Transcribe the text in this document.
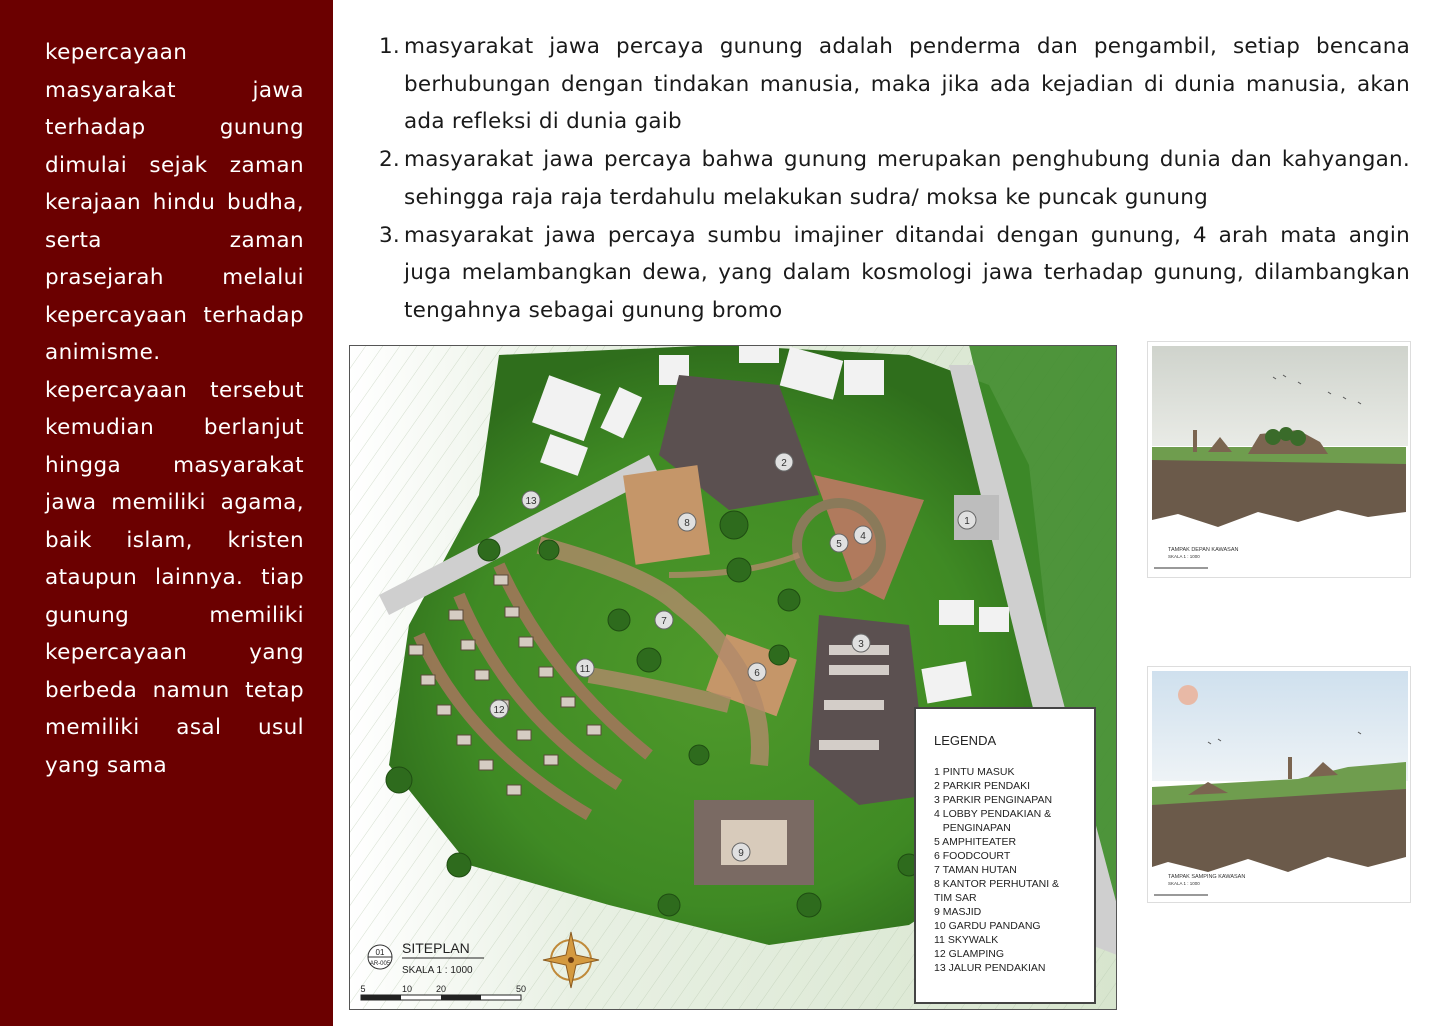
kepercayaan masyarakat jawa terhadap gunung dimulai sejak zaman kerajaan hindu budha, serta zaman prasejarah melalui kepercayaan terhadap animisme. kepercayaan tersebut kemudian berlanjut hingga masyarakat jawa memiliki agama, baik islam, kristen ataupun lainnya. tiap gunung memiliki kepercayaan yang berbeda namun tetap memiliki asal usul yang sama

1. masyarakat jawa percaya gunung adalah penderma dan pengambil, setiap bencana berhubungan dengan tindakan manusia, maka jika ada kejadian di dunia manusia, akan ada refleksi di dunia gaib
2. masyarakat jawa percaya bahwa gunung merupakan penghubung dunia dan kahyangan. sehingga raja raja terdahulu melakukan sudra/ moksa ke puncak gunung
3. masyarakat jawa percaya sumbu imajiner ditandai dengan gunung, 4 arah mata angin juga melambangkan dewa, yang dalam kosmologi jawa terhadap gunung, dilambangkan tengahnya sebagai gunung bromo
1
2
3
4
5
6
7
8
9
11
12
13
LEGENDA
1 PINTU MASUK
2 PARKIR PENDAKI
3 PARKIR PENGINAPAN
4 LOBBY PENDAKIAN &
PENGINAPAN
5 AMPHITEATER
6 FOODCOURT
7 TAMAN HUTAN
8 KANTOR PERHUTANI &
TIM SAR
9 MASJID
10 GARDU PANDANG
11 SKYWALK
12 GLAMPING
13 JALUR PENDAKIAN
01
AR-005
SITEPLAN
SKALA 1 : 1000
5	10	20	50
TAMPAK DEPAN KAWASAN
SKALA 1 : 1000
TAMPAK SAMPING KAWASAN
SKALA 1 : 1000
